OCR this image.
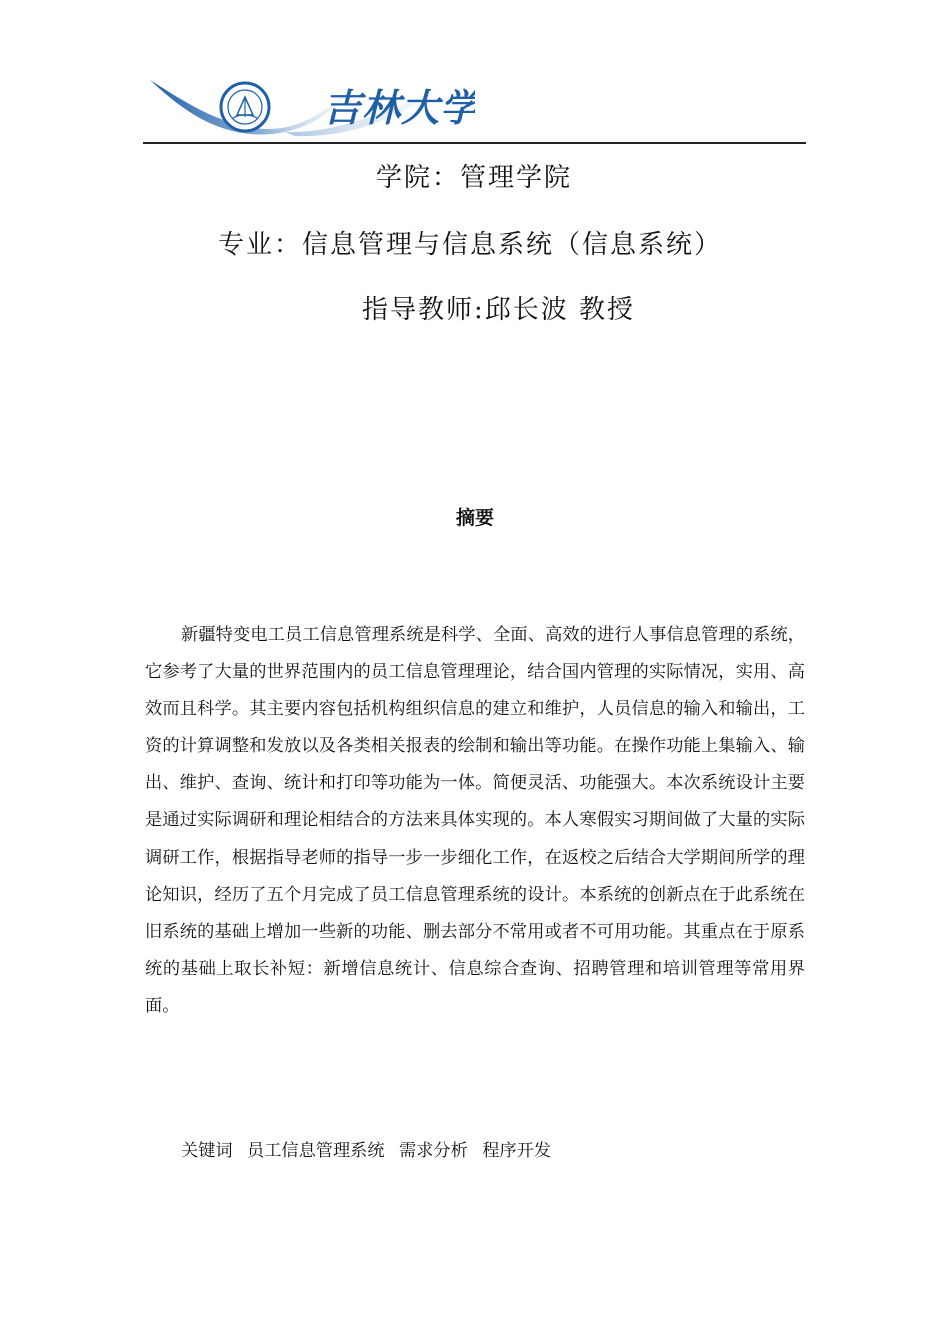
吉林大学
学院：管理学院
专业：信息管理与信息系统（信息系统）
指导教师:邱长波 教授
摘要

新疆特变电工员工信息管理系统是科学、全面、高效的进行人事信息管理的系统，它参考了大量的世界范围内的员工信息管理理论，结合国内管理的实际情况，实用、高效而且科学。其主要内容包括机构组织信息的建立和维护，人员信息的输入和输出，工资的计算调整和发放以及各类相关报表的绘制和输出等功能。在操作功能上集输入、输出、维护、查询、统计和打印等功能为一体。简便灵活、功能强大。本次系统设计主要是通过实际调研和理论相结合的方法来具体实现的。本人寒假实习期间做了大量的实际调研工作，根据指导老师的指导一步一步细化工作，在返校之后结合大学期间所学的理论知识，经历了五个月完成了员工信息管理系统的设计。本系统的创新点在于此系统在旧系统的基础上增加一些新的功能、删去部分不常用或者不可用功能。其重点在于原系统的基础上取长补短：新增信息统计、信息综合查询、招聘管理和培训管理等常用界面。

关键词 员工信息管理系统 需求分析 程序开发
